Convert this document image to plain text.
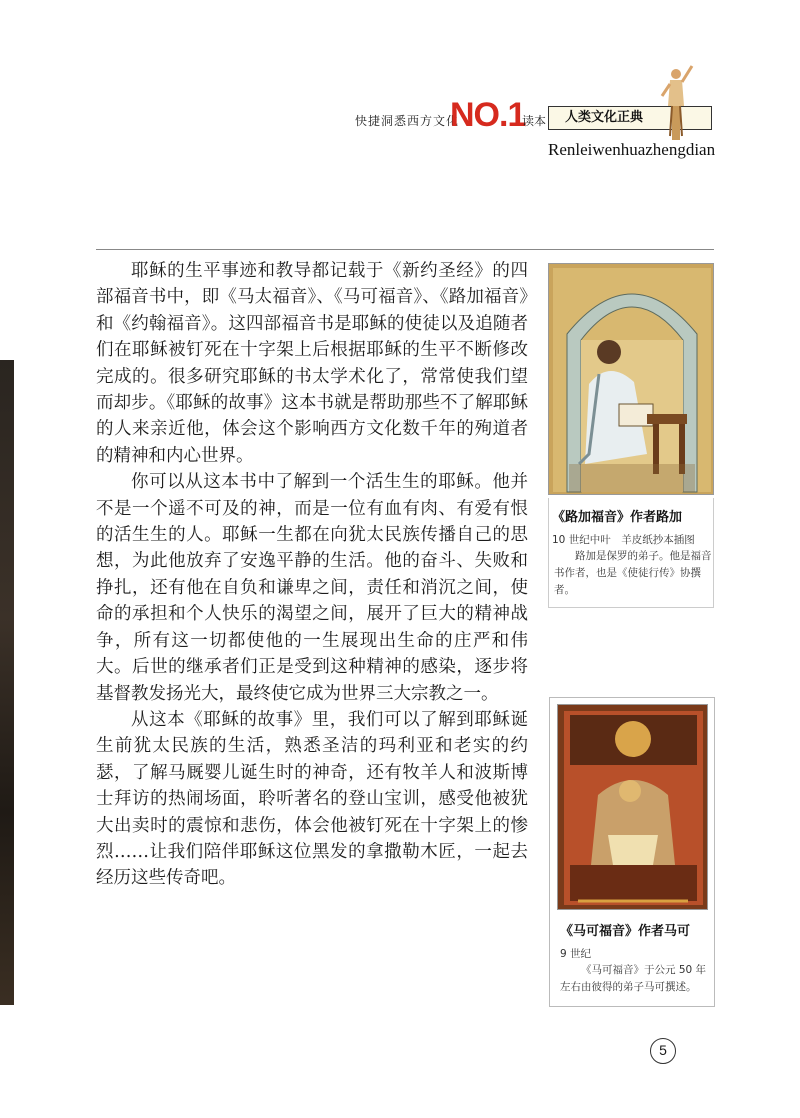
快捷洞悉西方文化
NO.1
读本	人类文化正典
Renleiwenhuazhengdian

耶稣的生平事迹和教导都记载于《新约圣经》的四部福音书中，即《马太福音》、《马可福音》、《路加福音》和《约翰福音》。这四部福音书是耶稣的使徒以及追随者们在耶稣被钉死在十字架上后根据耶稣的生平不断修改完成的。很多研究耶稣的书太学术化了，常常使我们望而却步。《耶稣的故事》这本书就是帮助那些不了解耶稣的人来亲近他，体会这个影响西方文化数千年的殉道者的精神和内心世界。

你可以从这本书中了解到一个活生生的耶稣。他并不是一个遥不可及的神，而是一位有血有肉、有爱有恨的活生生的人。耶稣一生都在向犹太民族传播自己的思想，为此他放弃了安逸平静的生活。他的奋斗、失败和挣扎，还有他在自负和谦卑之间，责任和消沉之间，使命的承担和个人快乐的渴望之间，展开了巨大的精神战争，所有这一切都使他的一生展现出生命的庄严和伟大。后世的继承者们正是受到这种精神的感染，逐步将基督教发扬光大，最终使它成为世界三大宗教之一。

从这本《耶稣的故事》里，我们可以了解到耶稣诞生前犹太民族的生活，熟悉圣洁的玛利亚和老实的约瑟，了解马厩婴儿诞生时的神奇，还有牧羊人和波斯博士拜访的热闹场面，聆听著名的登山宝训，感受他被犹大出卖时的震惊和悲伤，体会他被钉死在十字架上的惨烈……让我们陪伴耶稣这位黑发的拿撒勒木匠，一起去经历这些传奇吧。

《路加福音》作者路加
10 世纪中叶　羊皮纸抄本插图
路加是保罗的弟子。他是福音书作者，也是《使徒行传》协撰者。
《马可福音》作者马可
9 世纪
《马可福音》于公元 50 年左右由彼得的弟子马可撰述。
5
